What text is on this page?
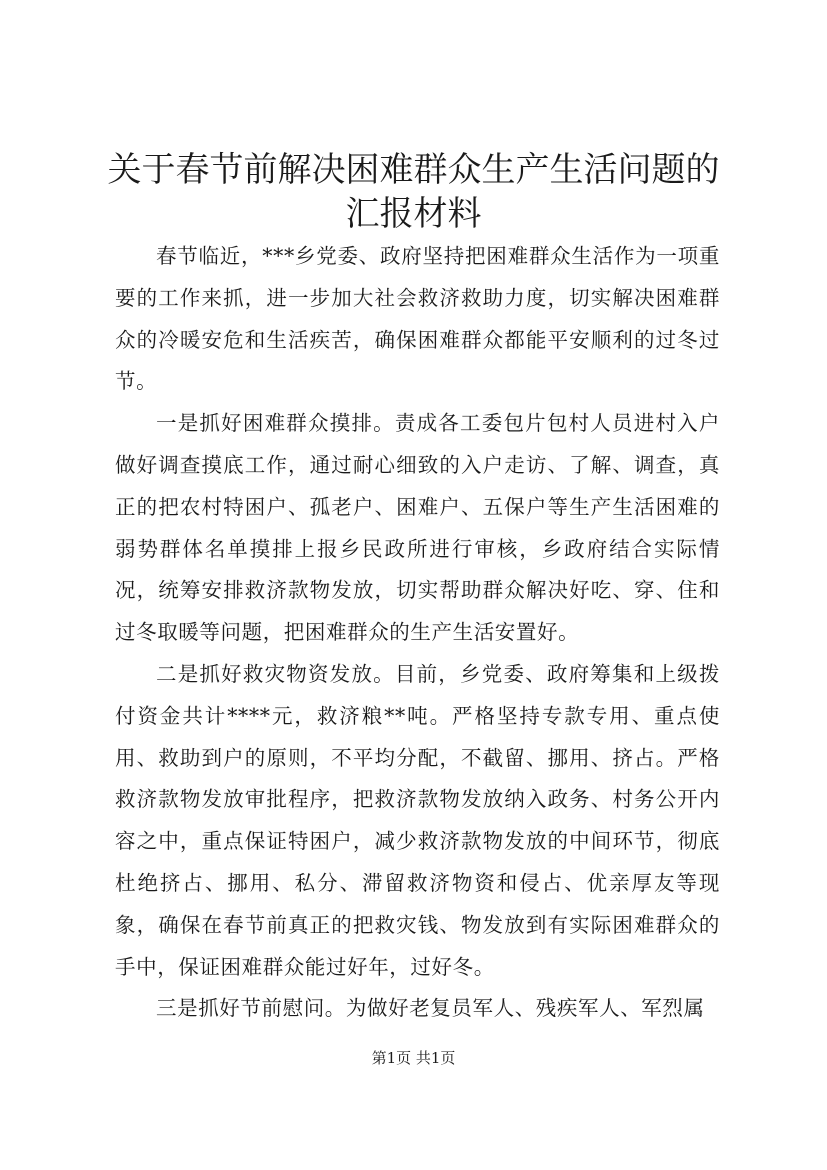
关于春节前解决困难群众生产生活问题的汇报材料

春节临近，***乡党委、政府坚持把困难群众生活作为一项重要的工作来抓，进一步加大社会救济救助力度，切实解决困难群众的冷暖安危和生活疾苦，确保困难群众都能平安顺利的过冬过节。

一是抓好困难群众摸排。责成各工委包片包村人员进村入户做好调查摸底工作，通过耐心细致的入户走访、了解、调查，真正的把农村特困户、孤老户、困难户、五保户等生产生活困难的弱势群体名单摸排上报乡民政所进行审核，乡政府结合实际情况，统筹安排救济款物发放，切实帮助群众解决好吃、穿、住和过冬取暖等问题，把困难群众的生产生活安置好。

二是抓好救灾物资发放。目前，乡党委、政府筹集和上级拨付资金共计****元，救济粮**吨。严格坚持专款专用、重点使用、救助到户的原则，不平均分配，不截留、挪用、挤占。严格救济款物发放审批程序，把救济款物发放纳入政务、村务公开内容之中，重点保证特困户，减少救济款物发放的中间环节，彻底杜绝挤占、挪用、私分、滞留救济物资和侵占、优亲厚友等现象，确保在春节前真正的把救灾钱、物发放到有实际困难群众的手中，保证困难群众能过好年，过好冬。

三是抓好节前慰问。为做好老复员军人、残疾军人、军烈属

第1页 共1页
